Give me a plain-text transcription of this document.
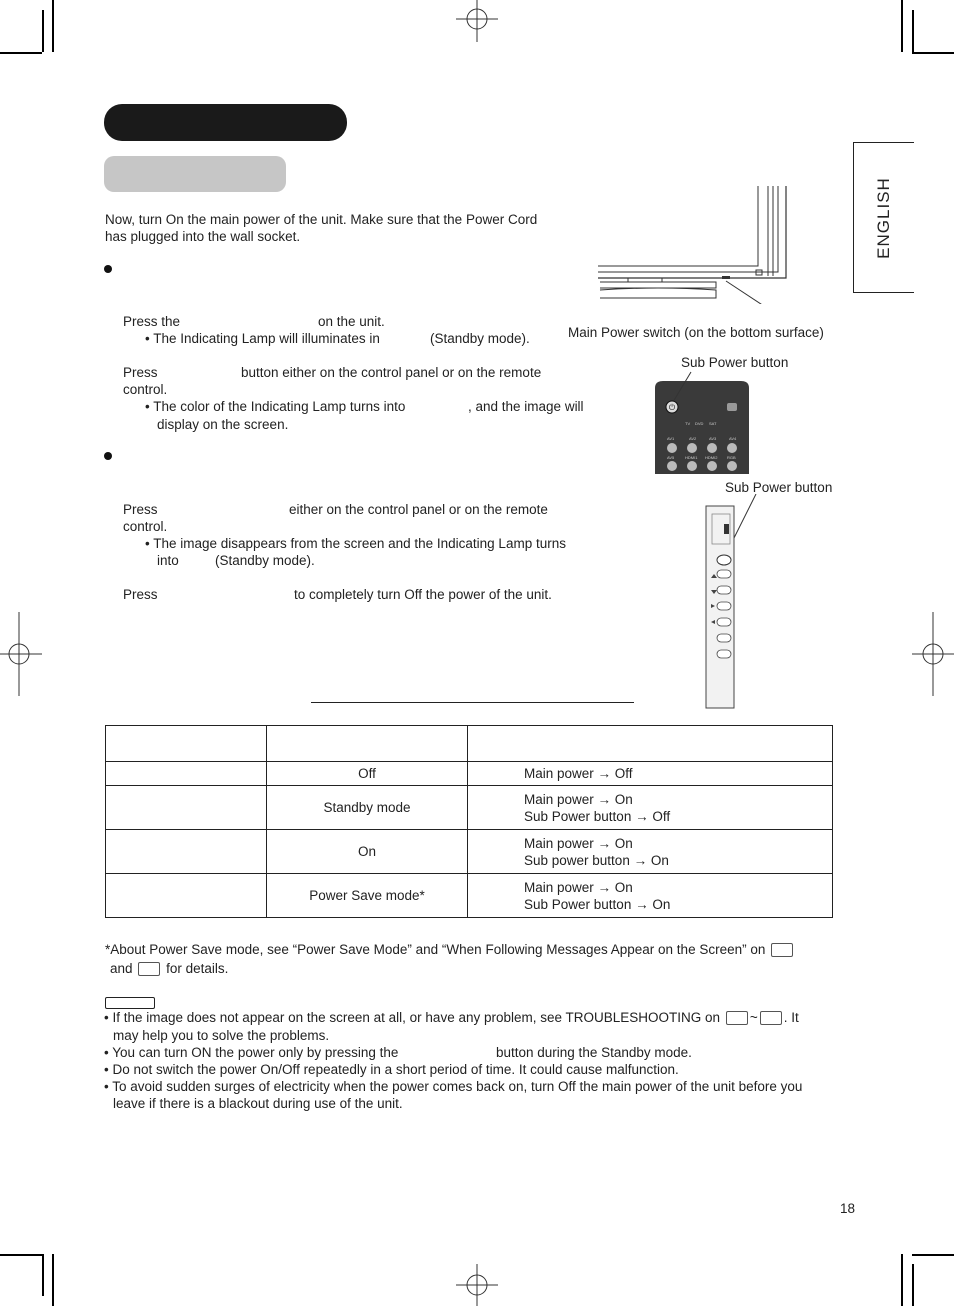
ENGLISH
Now, turn On the main power of the unit. Make sure that the Power Cord
has plugged into the wall socket.
Press the	on the unit.
• The Indicating Lamp will illuminates in	(Standby mode).
Press	button either on the control panel or on the remote
control.
• The color of the Indicating Lamp turns into	, and the image will
display on the screen.
Press	either on the control panel or on the remote
control.
• The image disappears from the screen and the Indicating Lamp turns
into	(Standby mode).
Press	to completely turn Off the power of the unit.
Main Power switch (on the bottom surface)
Sub Power button
⏻
TV DVD SAT
AV1	AV2	AV3	AV4
AV5	HDMI1 HDMI2 RGB
Sub Power button

	Off	Main power → Off

	Standby mode	Main power → On
Sub Power button → Off

	On	Main power → On
Sub power button → On

	Power Save mode*	Main power → On
Sub Power button → On
*About Power Save mode, see “Power Save Mode” and “When Following Messages Appear on the Screen” on
and for details.
• If the image does not appear on the screen at all, or have any problem, see TROUBLESHOOTING on ~ . It
may help you to solve the problems.
• You can turn ON the power only by pressing the	button during the Standby mode.
• Do not switch the power On/Off repeatedly in a short period of time. It could cause malfunction.
• To avoid sudden surges of electricity when the power comes back on, turn Off the main power of the unit before you
leave if there is a blackout during use of the unit.
18
